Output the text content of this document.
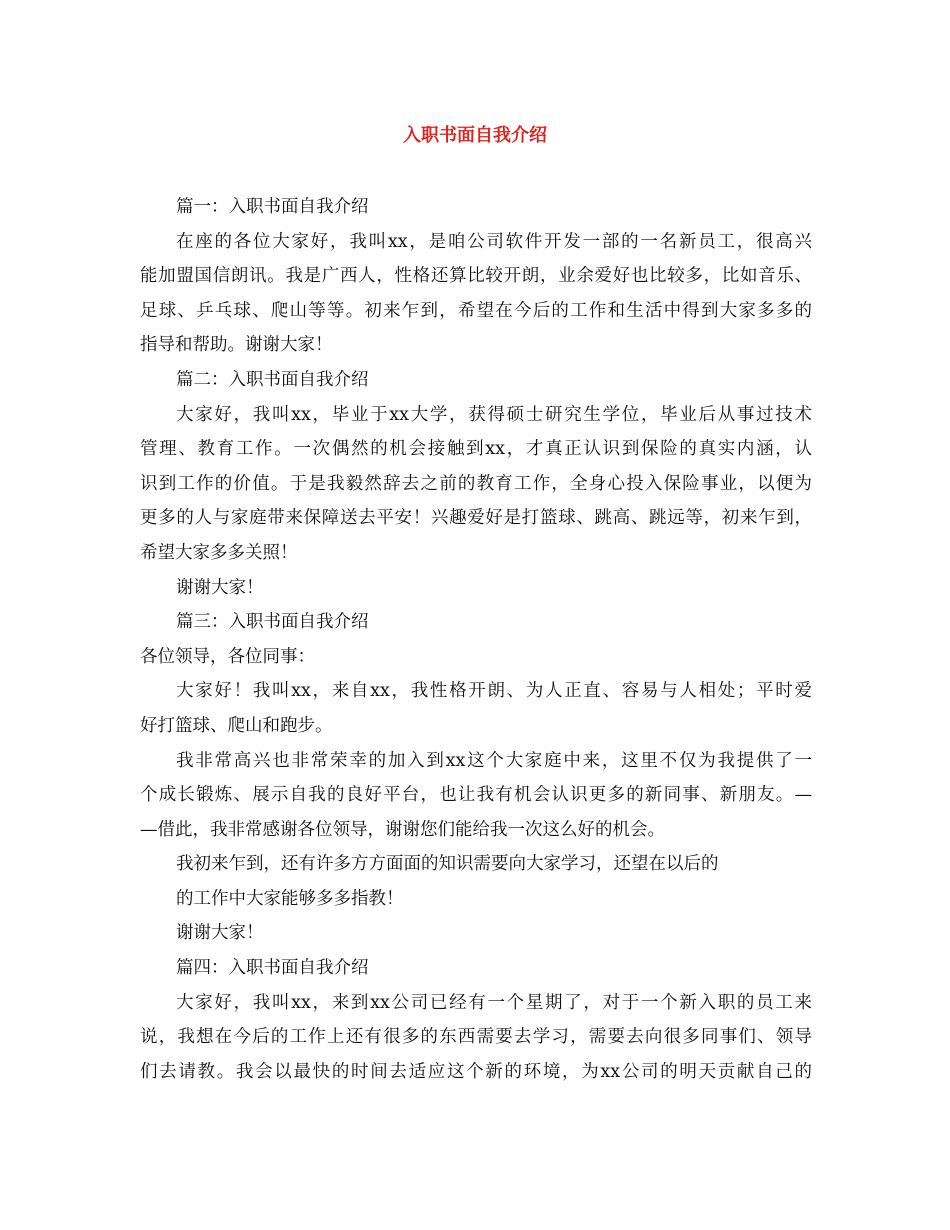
入职书面自我介绍
篇一：入职书面自我介绍
在座的各位大家好，我叫xx，是咱公司软件开发一部的一名新员工，很高兴
能加盟国信朗讯。我是广西人，性格还算比较开朗，业余爱好也比较多，比如音乐、
足球、乒乓球、爬山等等。初来乍到，希望在今后的工作和生活中得到大家多多的
指导和帮助。谢谢大家！
篇二：入职书面自我介绍
大家好，我叫xx，毕业于xx大学，获得硕士研究生学位，毕业后从事过技术
管理、教育工作。一次偶然的机会接触到xx，才真正认识到保险的真实内涵，认
识到工作的价值。于是我毅然辞去之前的教育工作，全身心投入保险事业，以便为
更多的人与家庭带来保障送去平安！兴趣爱好是打篮球、跳高、跳远等，初来乍到，
希望大家多多关照！
谢谢大家！
篇三：入职书面自我介绍
各位领导，各位同事：
大家好！我叫xx，来自xx，我性格开朗、为人正直、容易与人相处；平时爱
好打篮球、爬山和跑步。
我非常高兴也非常荣幸的加入到xx这个大家庭中来，这里不仅为我提供了一
个成长锻炼、展示自我的良好平台，也让我有机会认识更多的新同事、新朋友。—
—借此，我非常感谢各位领导，谢谢您们能给我一次这么好的机会。
我初来乍到，还有许多方方面面的知识需要向大家学习，还望在以后的
的工作中大家能够多多指教！
谢谢大家！
篇四：入职书面自我介绍
大家好，我叫xx，来到xx公司已经有一个星期了，对于一个新入职的员工来
说，我想在今后的工作上还有很多的东西需要去学习，需要去向很多同事们、领导
们去请教。我会以最快的时间去适应这个新的环境，为xx公司的明天贡献自己的
